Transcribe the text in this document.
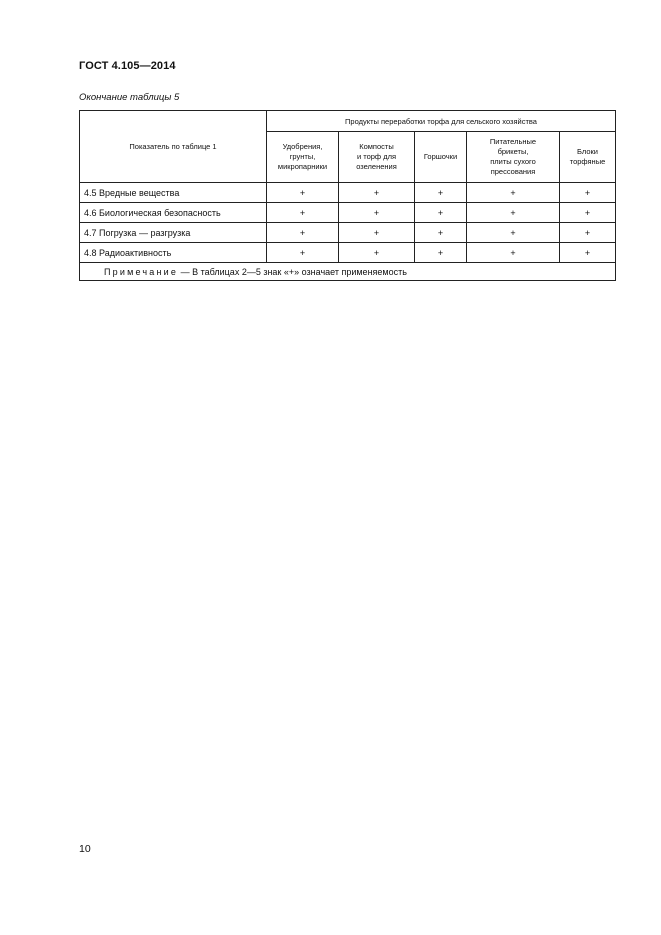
ГОСТ 4.105—2014
Окончание таблицы 5
Показатель по таблице 1	Продукты переработки торфа для сельского хозяйства				
	Удобрения,
грунты,
микропарники	Компосты
и торф для
озеленения	Горшочки	Питательные
брикеты,
плиты сухого
прессования	Блоки
торфяные
4.5 Вредные вещества	+	+	+	+	+
4.6 Биологическая безопасность	+	+	+	+	+
4.7 Погрузка — разгрузка	+	+	+	+	+
4.8 Радиоактивность	+	+	+	+	+
Примечание — В таблицах 2—5 знак «+» означает применяемость					
10
